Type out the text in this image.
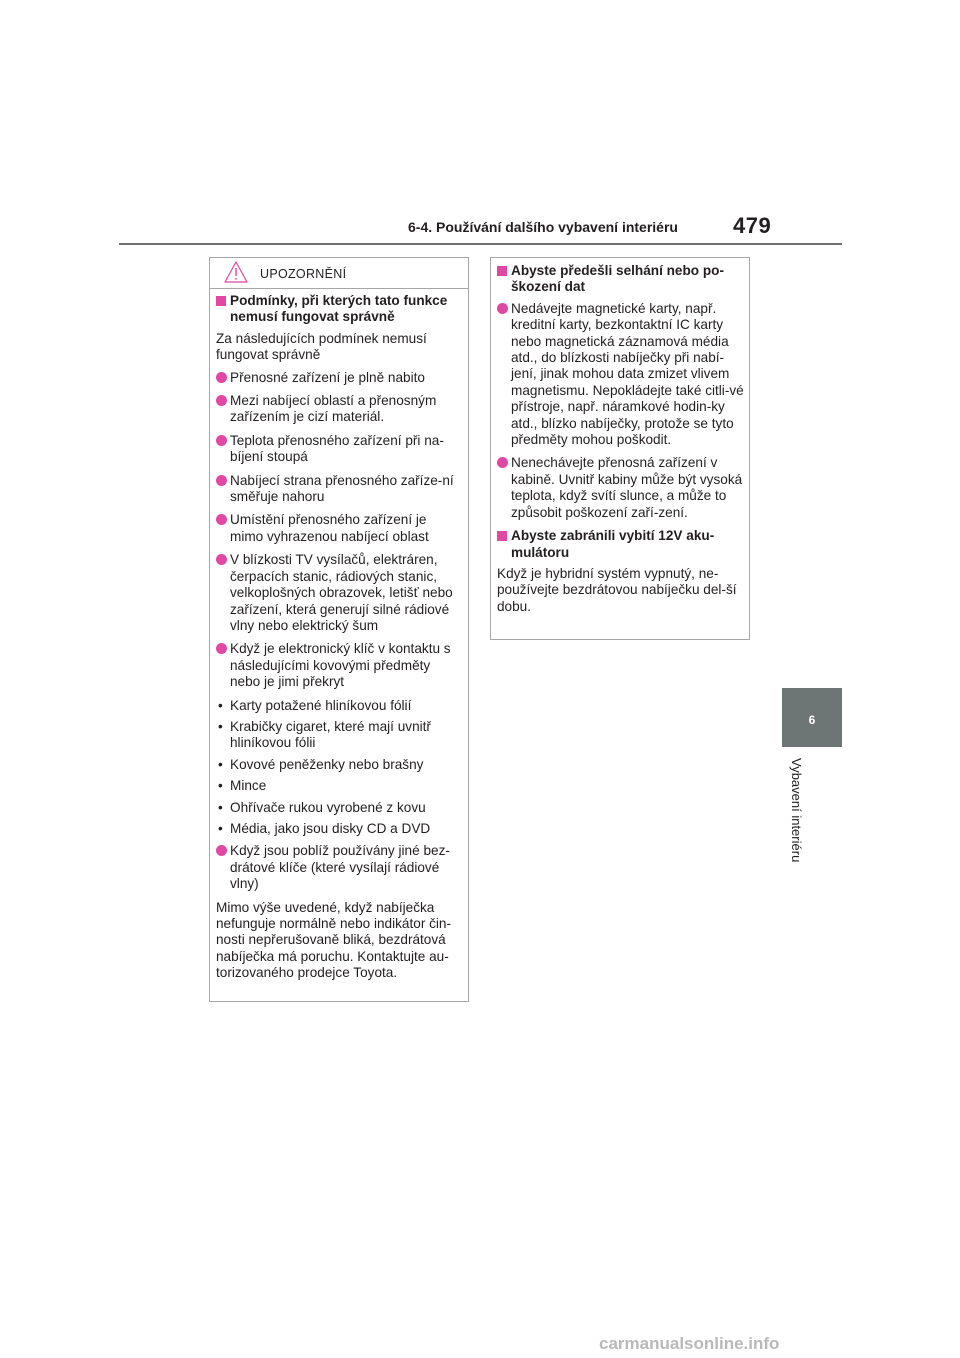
6-4. Používání dalšího vybavení interiéru	479
6
Vybavení interiéru
UPOZORNĚNÍ
Podmínky, při kterých tato funkce nemusí fungovat správně

Za následujících podmínek nemusí fungovat správně

Přenosné zařízení je plně nabito
Mezi nabíjecí oblastí a přenosným zařízením je cizí materiál.
Teplota přenosného zařízení při na-bíjení stoupá
Nabíjecí strana přenosného zaříze-ní směřuje nahoru
Umístění přenosného zařízení je mimo vyhrazenou nabíjecí oblast
V blízkosti TV vysílačů, elektráren, čerpacích stanic, rádiových stanic, velkoplošných obrazovek, letišť nebo zařízení, která generují silné rádiové vlny nebo elektrický šum
Když je elektronický klíč v kontaktu s následujícími kovovými předměty nebo je jimi překryt
• Karty potažené hliníkovou fólií
• Krabičky cigaret, které mají uvnitř hliníkovou fólii
• Kovové peněženky nebo brašny
• Mince
• Ohřívače rukou vyrobené z kovu
• Média, jako jsou disky CD a DVD
Když jsou poblíž používány jiné bez-drátové klíče (které vysílají rádiové vlny)

Mimo výše uvedené, když nabíječka nefunguje normálně nebo indikátor čin-nosti nepřerušovaně bliká, bezdrátová nabíječka má poruchu. Kontaktujte au-torizovaného prodejce Toyota.

Abyste předešli selhání nebo po-škození dat
Nedávejte magnetické karty, např. kreditní karty, bezkontaktní IC karty nebo magnetická záznamová média atd., do blízkosti nabíječky při nabí-jení, jinak mohou data zmizet vlivem magnetismu. Nepokládejte také citli-vé přístroje, např. náramkové hodin-ky atd., blízko nabíječky, protože se tyto předměty mohou poškodit.
Nenechávejte přenosná zařízení v kabině. Uvnitř kabiny může být vysoká teplota, když svítí slunce, a může to způsobit poškození zaří-zení.
Abyste zabránili vybití 12V aku-mulátoru

Když je hybridní systém vypnutý, ne-používejte bezdrátovou nabíječku del-ší dobu.

carmanualsonline.info
